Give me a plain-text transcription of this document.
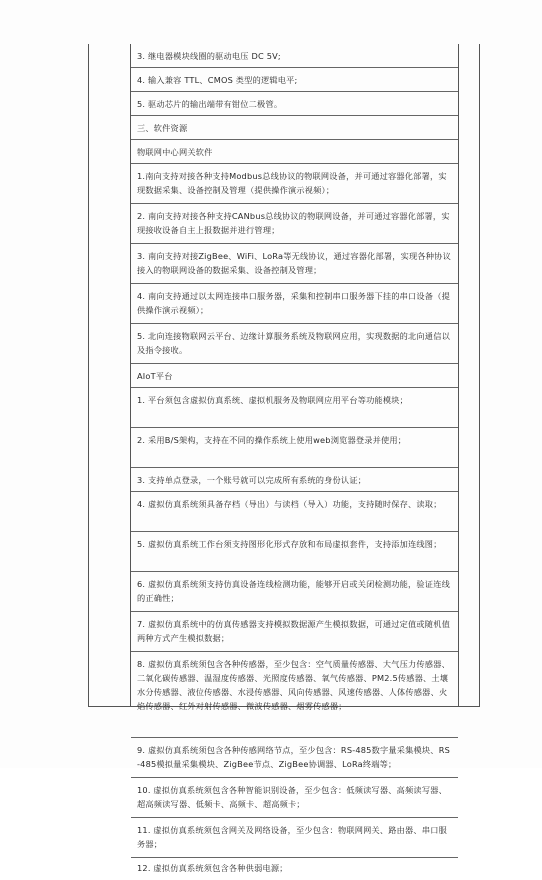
3. 继电器模块线圈的驱动电压 DC 5V;
4. 输入兼容 TTL、CMOS 类型的逻辑电平;
5. 驱动芯片的输出端带有钳位二极管。
三、软件资源
物联网中心网关软件
1.南向支持对接各种支持Modbus总线协议的物联网设备，并可通过容器化部署，实现数据采集、设备控制及管理（提供操作演示视频）；
2. 南向支持对接各种支持CANbus总线协议的物联网设备，并可通过容器化部署，实现接收设备自主上报数据并进行管理；
3. 南向支持对接ZigBee、WiFi、LoRa等无线协议，通过容器化部署，实现各种协议接入的物联网设备的数据采集、设备控制及管理；
4. 南向支持通过以太网连接串口服务器，采集和控制串口服务器下挂的串口设备（提供操作演示视频）；
5. 北向连接物联网云平台、边缘计算服务系统及物联网应用，实现数据的北向通信以及指令接收。
AIoT平台
1. 平台须包含虚拟仿真系统、虚拟机服务及物联网应用平台等功能模块；
2. 采用B/S架构，支持在不同的操作系统上使用web浏览器登录并使用；
3. 支持单点登录，一个账号就可以完成所有系统的身份认证；
4. 虚拟仿真系统须具备存档（导出）与读档（导入）功能，支持随时保存、读取；
5. 虚拟仿真系统工作台须支持图形化形式存放和布局虚拟套件，支持添加连线图；
6. 虚拟仿真系统须支持仿真设备连线检测功能，能够开启或关闭检测功能，验证连线的正确性；
7. 虚拟仿真系统中的仿真传感器支持模拟数据源产生模拟数据，可通过定值或随机值两种方式产生模拟数据；
8. 虚拟仿真系统须包含各种传感器，至少包含：空气质量传感器、大气压力传感器、二氧化碳传感器、温湿度传感器、光照度传感器、氧气传感器、PM2.5传感器、土壤水分传感器、液位传感器、水浸传感器、风向传感器、风速传感器、人体传感器、火焰传感器、红外对射传感器、微波传感器、烟雾传感器；
9. 虚拟仿真系统须包含各种传感网络节点，至少包含：RS-485数字量采集模块、RS-485模拟量采集模块、ZigBee节点、ZigBee协调器、LoRa终端等；
10. 虚拟仿真系统须包含各种智能识别设备，至少包含：低频读写器、高频读写器、超高频读写器、低频卡、高频卡、超高频卡；
11. 虚拟仿真系统须包含网关及网络设备，至少包含：物联网网关、路由器、串口服务器；
12. 虚拟仿真系统须包含各种供弱电源；
